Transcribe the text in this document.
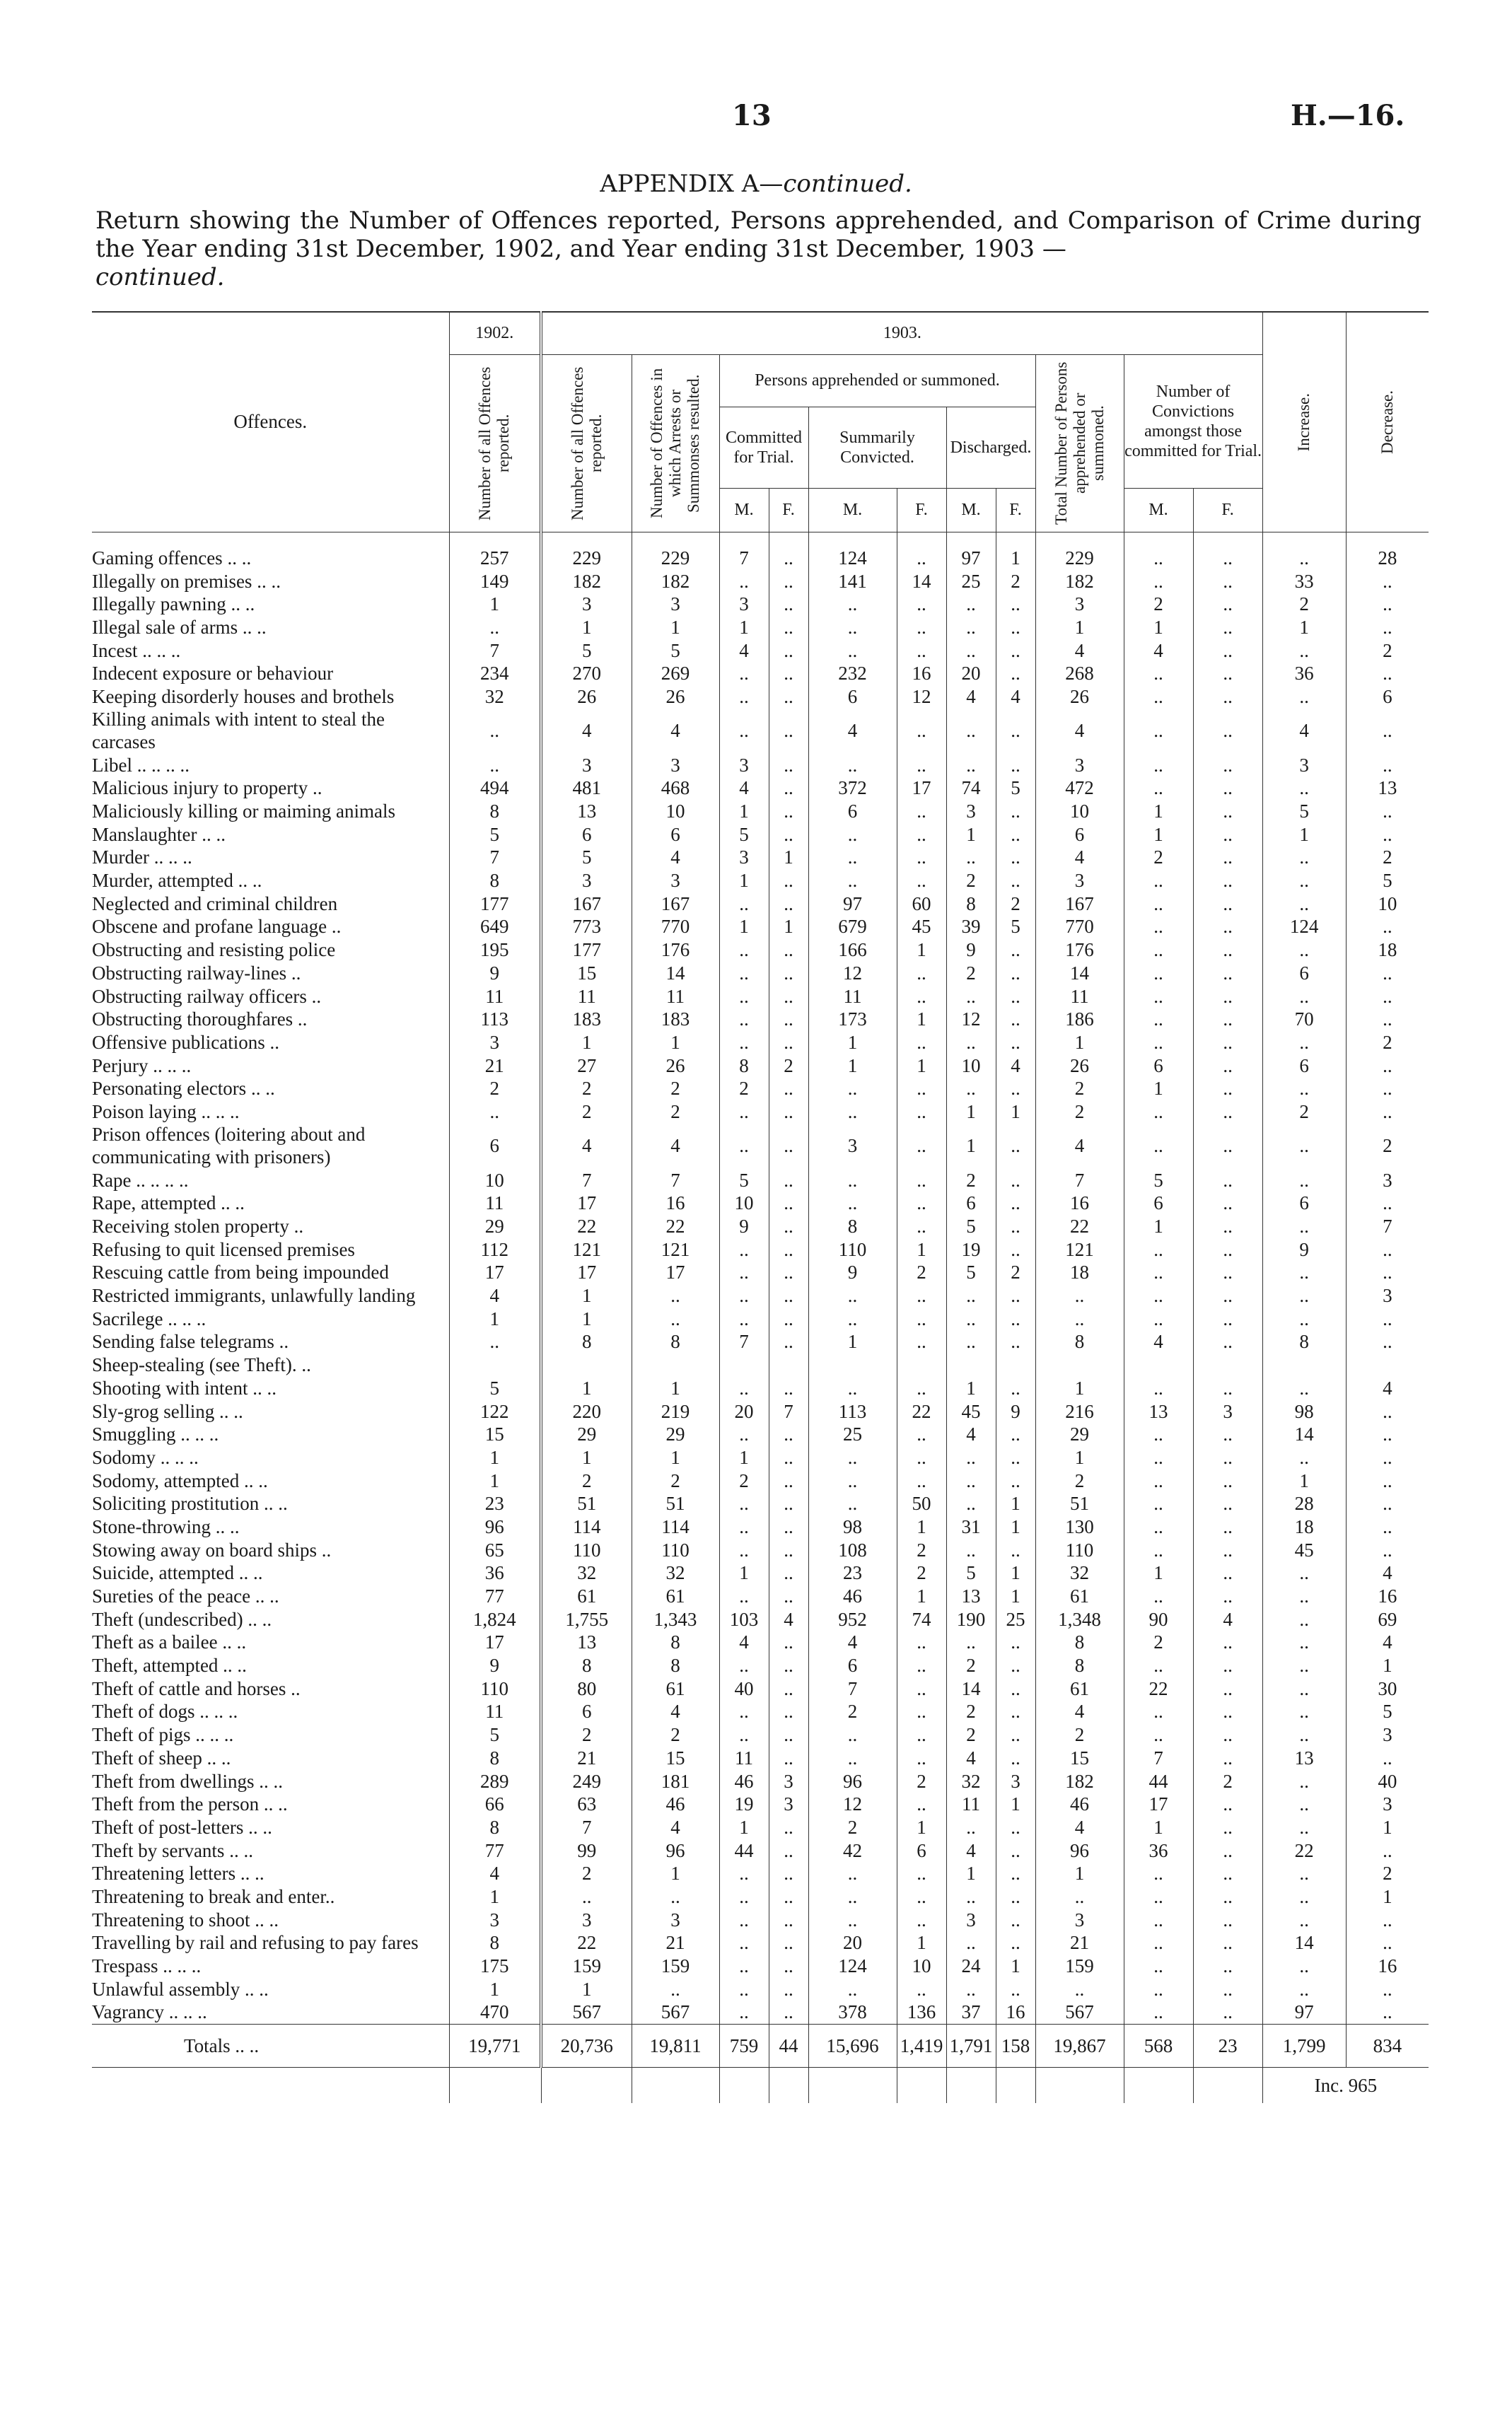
13	H.—16.
APPENDIX A—continued.
Return showing the Number of Offences reported, Persons apprehended, and Comparison of Crime during the Year ending 31st December, 1902, and Year ending 31st December, 1903 —
continued.
Offences.	1902.	1903.											Increase.	Decrease.

	Number of all Offences reported.	Number of all Offences reported.	Number of Offences in which Arrests or Summonses resulted.	Persons apprehended or summoned.						Total Number of Persons apprehended or summoned.	Number of Convictions amongst those committed for Trial.			
				Committed for Trial.		Summarily Convicted.		Discharged.						
				M.	F.	M.	F.	M.	F.		M.	F.		
Gaming offences .. ..	257	229	229	7	..	124	..	97	1	229	..	..	..	28
Illegally on premises .. ..	149	182	182	..	..	141	14	25	2	182	..	..	33	..
Illegally pawning .. ..	1	3	3	3	..	..	..	..	..	3	2	..	2	..
Illegal sale of arms .. ..	..	1	1	1	..	..	..	..	..	1	1	..	1	..
Incest .. .. ..	7	5	5	4	..	..	..	..	..	4	4	..	..	2
Indecent exposure or behaviour	234	270	269	..	..	232	16	20	..	268	..	..	36	..
Keeping disorderly houses and brothels	32	26	26	..	..	6	12	4	4	26	..	..	..	6
Killing animals with intent to steal the carcases	..	4	4	..	..	4	..	..	..	4	..	..	4	..
Libel .. .. .. ..	..	3	3	3	..	..	..	..	..	3	..	..	3	..
Malicious injury to property ..	494	481	468	4	..	372	17	74	5	472	..	..	..	13
Maliciously killing or maiming animals	8	13	10	1	..	6	..	3	..	10	1	..	5	..
Manslaughter .. ..	5	6	6	5	..	..	..	1	..	6	1	..	1	..
Murder .. .. ..	7	5	4	3	1	..	..	..	..	4	2	..	..	2
Murder, attempted .. ..	8	3	3	1	..	..	..	2	..	3	..	..	..	5
Neglected and criminal children	177	167	167	..	..	97	60	8	2	167	..	..	..	10
Obscene and profane language ..	649	773	770	1	1	679	45	39	5	770	..	..	124	..
Obstructing and resisting police	195	177	176	..	..	166	1	9	..	176	..	..	..	18
Obstructing railway-lines ..	9	15	14	..	..	12	..	2	..	14	..	..	6	..
Obstructing railway officers ..	11	11	11	..	..	11	..	..	..	11	..	..	..	..
Obstructing thoroughfares ..	113	183	183	..	..	173	1	12	..	186	..	..	70	..
Offensive publications ..	3	1	1	..	..	1	..	..	..	1	..	..	..	2
Perjury .. .. ..	21	27	26	8	2	1	1	10	4	26	6	..	6	..
Personating electors .. ..	2	2	2	2	..	..	..	..	..	2	1	..	..	..
Poison laying .. .. ..	..	2	2	..	..	..	..	1	1	2	..	..	2	..
Prison offences (loitering about and communicating with prisoners)	6	4	4	..	..	3	..	1	..	4	..	..	..	2
Rape .. .. .. ..	10	7	7	5	..	..	..	2	..	7	5	..	..	3
Rape, attempted .. ..	11	17	16	10	..	..	..	6	..	16	6	..	6	..
Receiving stolen property ..	29	22	22	9	..	8	..	5	..	22	1	..	..	7
Refusing to quit licensed premises	112	121	121	..	..	110	1	19	..	121	..	..	9	..
Rescuing cattle from being impounded	17	17	17	..	..	9	2	5	2	18	..	..	..	..
Restricted immigrants, unlawfully landing	4	1	..	..	..	..	..	..	..	..	..	..	..	3
Sacrilege .. .. ..	1	1	..	..	..	..	..	..	..	..	..	..	..	..
Sending false telegrams ..	..	8	8	7	..	1	..	..	..	8	4	..	8	..
Sheep-stealing (see Theft). ..														
Shooting with intent .. ..	5	1	1	..	..	..	..	1	..	1	..	..	..	4
Sly-grog selling .. ..	122	220	219	20	7	113	22	45	9	216	13	3	98	..
Smuggling .. .. ..	15	29	29	..	..	25	..	4	..	29	..	..	14	..
Sodomy .. .. ..	1	1	1	1	..	..	..	..	..	1	..	..	..	..
Sodomy, attempted .. ..	1	2	2	2	..	..	..	..	..	2	..	..	1	..
Soliciting prostitution .. ..	23	51	51	..	..	..	50	..	1	51	..	..	28	..
Stone-throwing .. ..	96	114	114	..	..	98	1	31	1	130	..	..	18	..
Stowing away on board ships ..	65	110	110	..	..	108	2	..	..	110	..	..	45	..
Suicide, attempted .. ..	36	32	32	1	..	23	2	5	1	32	1	..	..	4
Sureties of the peace .. ..	77	61	61	..	..	46	1	13	1	61	..	..	..	16
Theft (undescribed) .. ..	1,824	1,755	1,343	103	4	952	74	190	25	1,348	90	4	..	69
Theft as a bailee .. ..	17	13	8	4	..	4	..	..	..	8	2	..	..	4
Theft, attempted .. ..	9	8	8	..	..	6	..	2	..	8	..	..	..	1
Theft of cattle and horses ..	110	80	61	40	..	7	..	14	..	61	22	..	..	30
Theft of dogs .. .. ..	11	6	4	..	..	2	..	2	..	4	..	..	..	5
Theft of pigs .. .. ..	5	2	2	..	..	..	..	2	..	2	..	..	..	3
Theft of sheep .. ..	8	21	15	11	..	..	..	4	..	15	7	..	13	..
Theft from dwellings .. ..	289	249	181	46	3	96	2	32	3	182	44	2	..	40
Theft from the person .. ..	66	63	46	19	3	12	..	11	1	46	17	..	..	3
Theft of post-letters .. ..	8	7	4	1	..	2	1	..	..	4	1	..	..	1
Theft by servants .. ..	77	99	96	44	..	42	6	4	..	96	36	..	22	..
Threatening letters .. ..	4	2	1	..	..	..	..	1	..	1	..	..	..	2
Threatening to break and enter..	1	..	..	..	..	..	..	..	..	..	..	..	..	1
Threatening to shoot .. ..	3	3	3	..	..	..	..	3	..	3	..	..	..	..
Travelling by rail and refusing to pay fares	8	22	21	..	..	20	1	..	..	21	..	..	14	..
Trespass .. .. ..	175	159	159	..	..	124	10	24	1	159	..	..	..	16
Unlawful assembly .. ..	1	1	..	..	..	..	..	..	..	..	..	..	..	..
Vagrancy .. .. ..	470	567	567	..	..	378	136	37	16	567	..	..	97	..
Totals .. ..	19,771	20,736	19,811	759	44	15,696	1,419	1,791	158	19,867	568	23	1,799	834
													Inc. 965	
